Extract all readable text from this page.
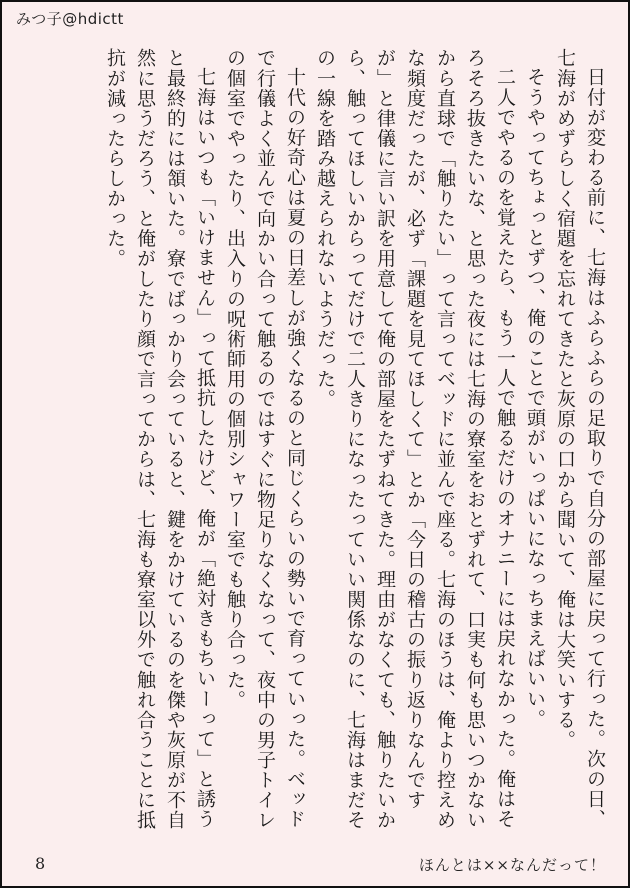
みつ子@hdictt

日付が変わる前に、七海はふらふらの足取りで自分の部屋に戻って行った。次の日、七海がめずらしく宿題を忘れてきたと灰原の口から聞いて、俺は大笑いする。

そうやってちょっとずつ、俺のことで頭がいっぱいになっちまえばいい。

二人でやるのを覚えたら、もう一人で触るだけのオナニーには戻れなかった。俺はそろそろ抜きたいな、と思った夜には七海の寮室をおとずれて、口実も何も思いつかないから直球で「触りたい」って言ってベッドに並んで座る。七海のほうは、俺より控えめな頻度だったが、必ず「課題を見てほしくて」とか「今日の稽古の振り返りなんですが」と律儀に言い訳を用意して俺の部屋をたずねてきた。理由がなくても、触りたいから、触ってほしいからってだけで二人きりになったっていい関係なのに、七海はまだその一線を踏み越えられないようだった。

十代の好奇心は夏の日差しが強くなるのと同じくらいの勢いで育っていった。ベッドで行儀よく並んで向かい合って触るのではすぐに物足りなくなって、夜中の男子トイレの個室でやったり、出入りの呪術師用の個別シャワー室でも触り合った。

七海はいつも「いけません」って抵抗したけど、俺が「絶対きもちいーって」と誘うと最終的には頷いた。寮でばっかり会っていると、鍵をかけているのを傑や灰原が不自然に思うだろう、と俺がしたり顔で言ってからは、七海も寮室以外で触れ合うことに抵抗が減ったらしかった。

8	ほんとは××なんだって！
